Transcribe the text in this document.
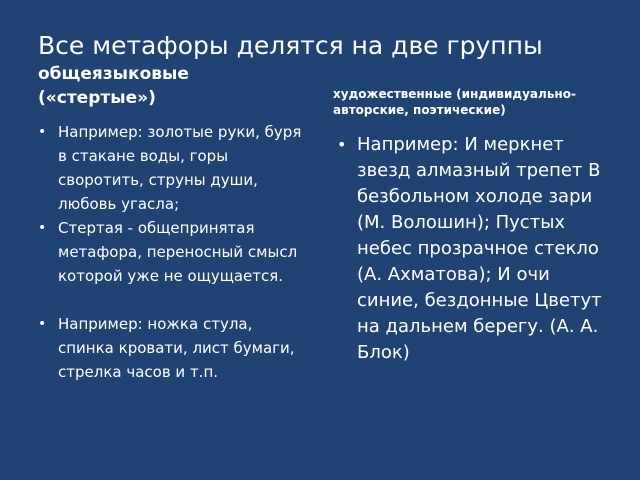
Все метафоры делятся на две группы
общеязыковые
(«стертые»)	художественные (индивидуально-авторские, поэтические)
• Например: золотые руки, буря в стакане воды, горы своротить, струны души, любовь угасла;
• Стертая - общепринятая метафора, переносный смысл которой уже не ощущается.
• Например: ножка стула, спинка кровати, лист бумаги, стрелка часов и т.п.
• Например: И меркнет звезд алмазный трепет В безбольном холоде зари (М. Волошин); Пустых небес прозрачное стекло (А. Ахматова); И очи синие, бездонные Цветут на дальнем берегу. (А. А. Блок)
